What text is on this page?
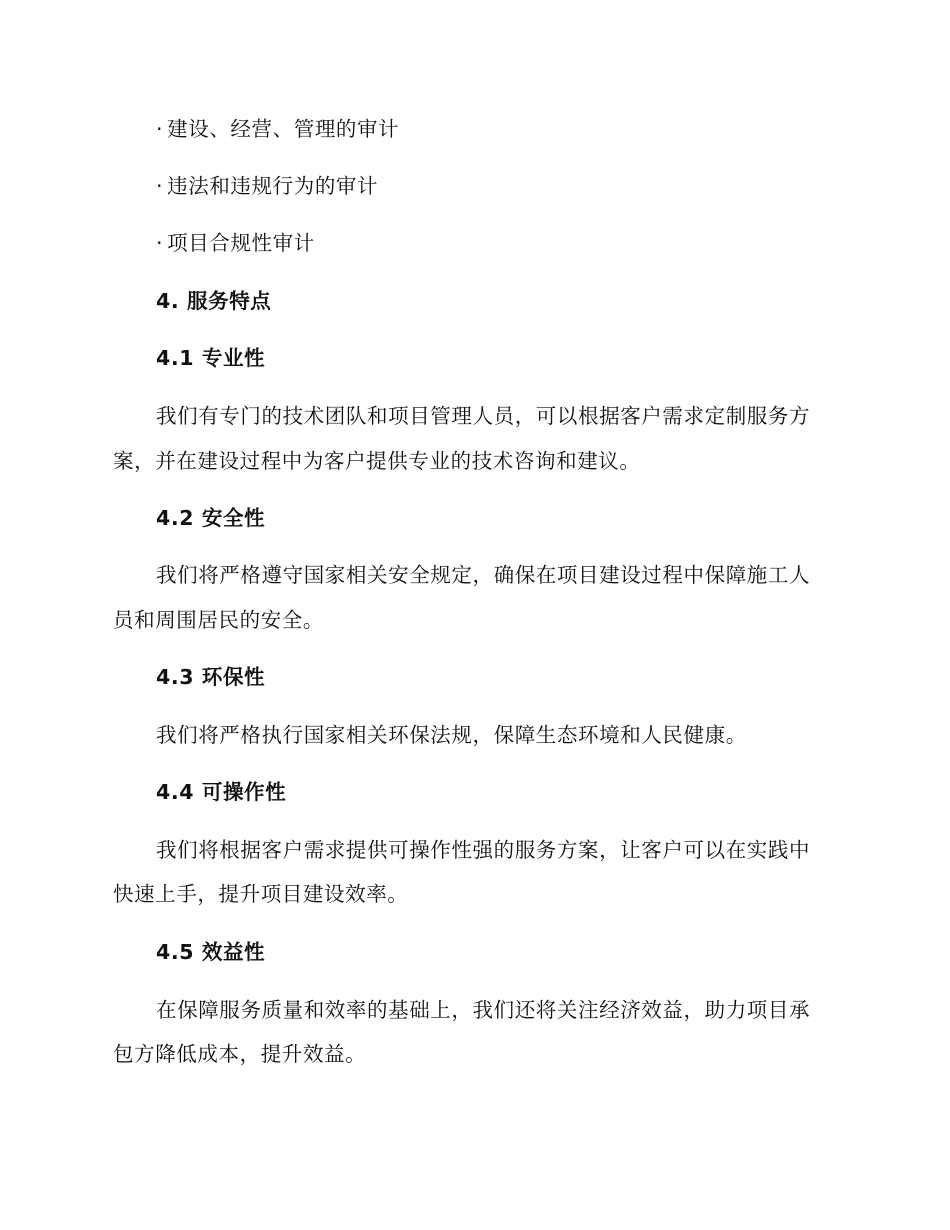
· 建设、经营、管理的审计
· 违法和违规行为的审计
· 项目合规性审计
4. 服务特点
4.1 专业性
我们有专门的技术团队和项目管理人员，可以根据客户需求定制服务方
案，并在建设过程中为客户提供专业的技术咨询和建议。
4.2 安全性
我们将严格遵守国家相关安全规定，确保在项目建设过程中保障施工人
员和周围居民的安全。
4.3 环保性
我们将严格执行国家相关环保法规，保障生态环境和人民健康。
4.4 可操作性
我们将根据客户需求提供可操作性强的服务方案，让客户可以在实践中
快速上手，提升项目建设效率。
4.5 效益性
在保障服务质量和效率的基础上，我们还将关注经济效益，助力项目承
包方降低成本，提升效益。
